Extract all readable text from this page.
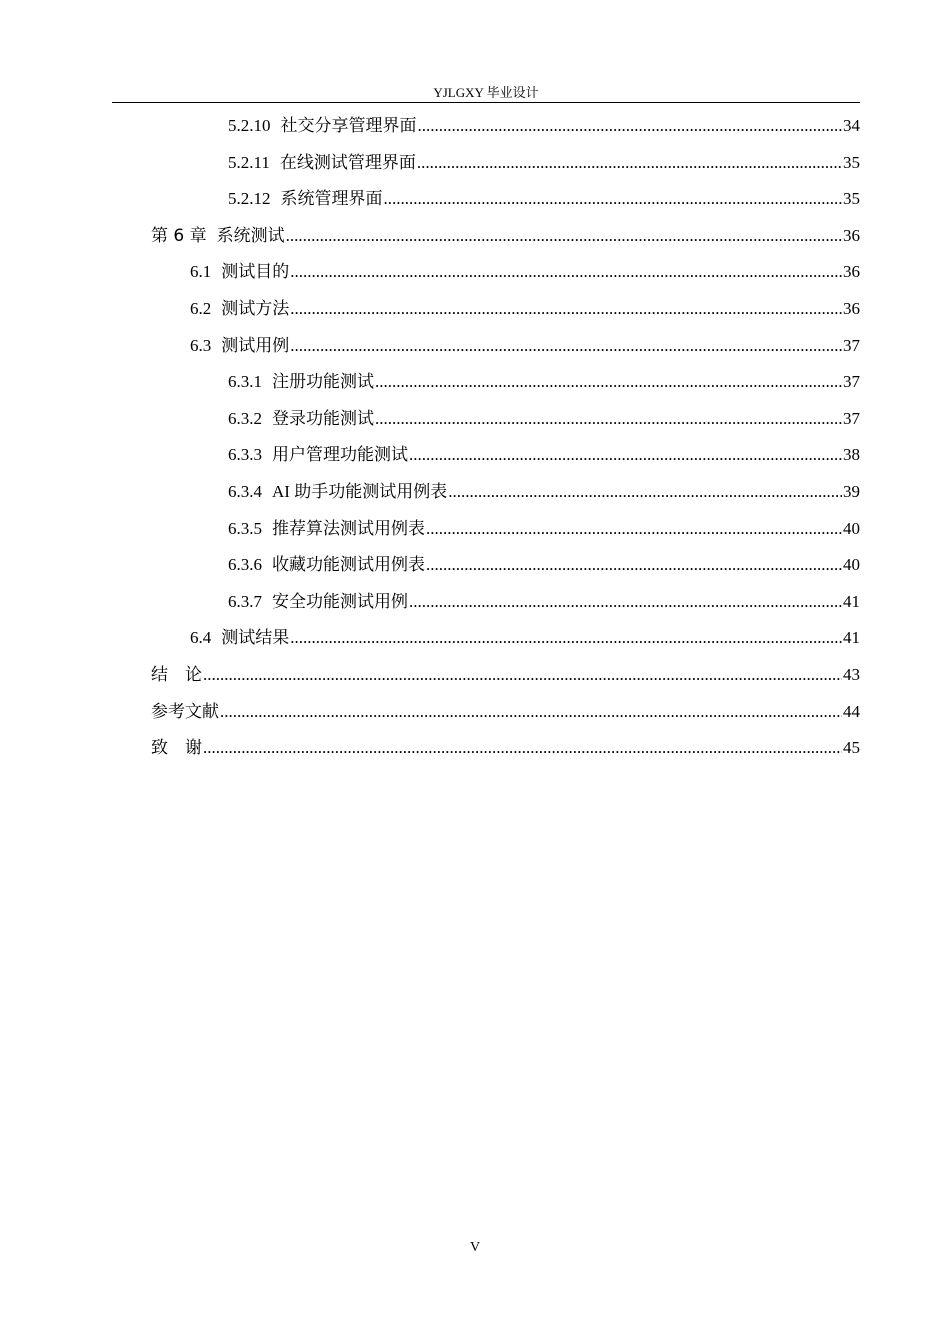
YJLGXY 毕业设计
5.2.10 社交分享管理界面 .....	34
5.2.11 在线测试管理界面 .....	35
5.2.12 系统管理界面 .....	35
第 6 章 系统测试 .....	36
6.1 测试目的 .....	36
6.2 测试方法 .....	36
6.3 测试用例 .....	37
6.3.1 注册功能测试 .....	37
6.3.2 登录功能测试 .....	37
6.3.3 用户管理功能测试 .....	38
6.3.4 AI 助手功能测试用例表 .....	39
6.3.5 推荐算法测试用例表 .....	40
6.3.6 收藏功能测试用例表 .....	40
6.3.7 安全功能测试用例 .....	41
6.4 测试结果 .....	41
结　论 .....	43
参考文献 .....	44
致　谢 .....	45
V
